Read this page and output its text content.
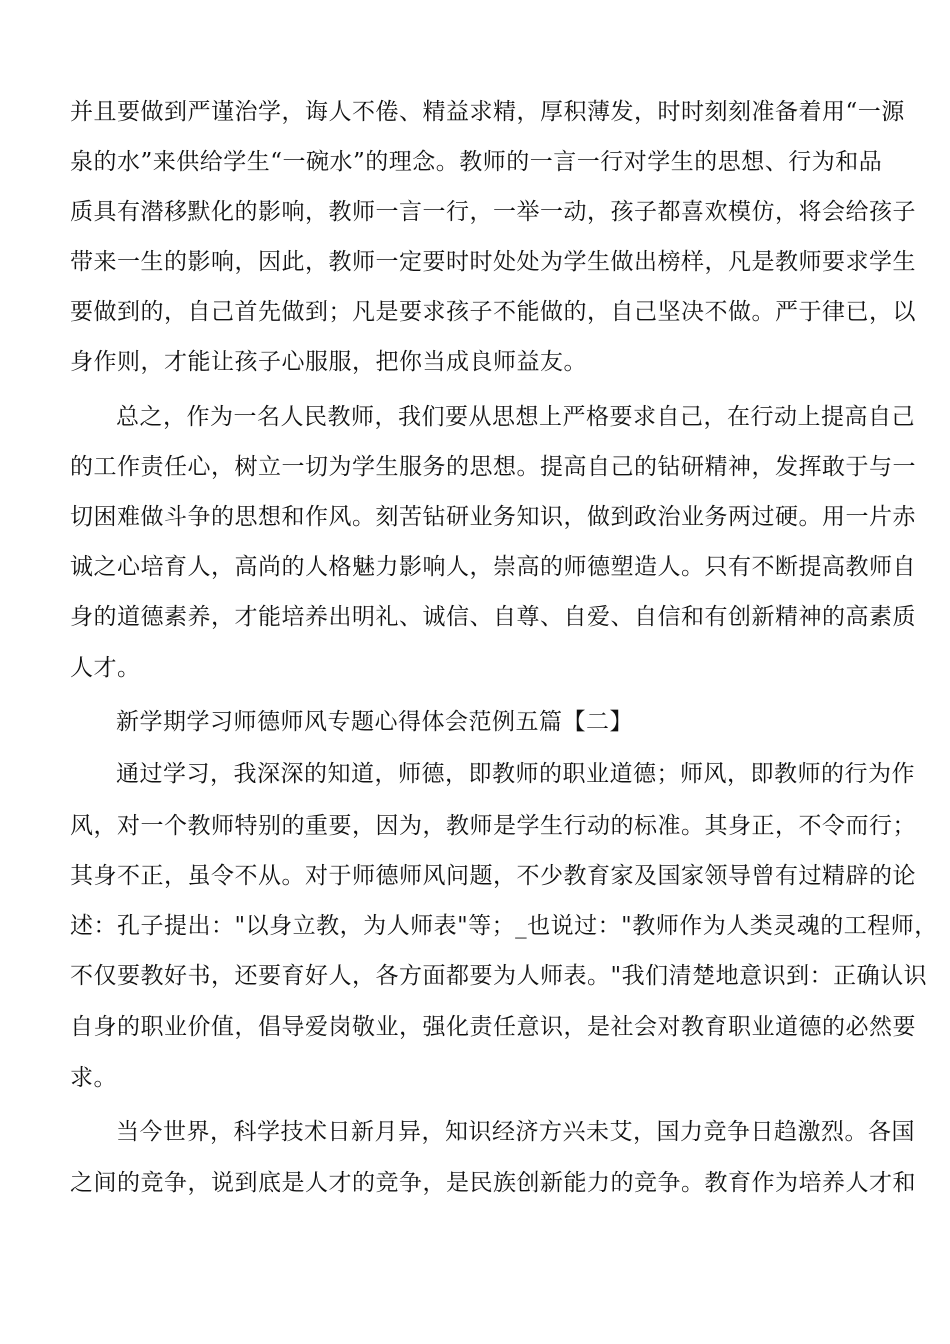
并且要做到严谨治学，诲人不倦、精益求精，厚积薄发，时时刻刻准备着用“一源
泉的水”来供给学生“一碗水”的理念。教师的一言一行对学生的思想、行为和品
质具有潜移默化的影响，教师一言一行，一举一动，孩子都喜欢模仿，将会给孩子
带来一生的影响，因此，教师一定要时时处处为学生做出榜样，凡是教师要求学生
要做到的，自己首先做到；凡是要求孩子不能做的，自己坚决不做。严于律已，以
身作则，才能让孩子心服服，把你当成良师益友。
总之，作为一名人民教师，我们要从思想上严格要求自己，在行动上提高自己
的工作责任心，树立一切为学生服务的思想。提高自己的钻研精神，发挥敢于与一
切困难做斗争的思想和作风。刻苦钻研业务知识，做到政治业务两过硬。用一片赤
诚之心培育人，高尚的人格魅力影响人，崇高的师德塑造人。只有不断提高教师自
身的道德素养，才能培养出明礼、诚信、自尊、自爱、自信和有创新精神的高素质
人才。
新学期学习师德师风专题心得体会范例五篇【二】
通过学习，我深深的知道，师德，即教师的职业道德；师风，即教师的行为作
风，对一个教师特别的重要，因为，教师是学生行动的标准。其身正，不令而行；
其身不正，虽令不从。对于师德师风问题，不少教育家及国家领导曾有过精辟的论
述：孔子提出："以身立教，为人师表"等；_也说过："教师作为人类灵魂的工程师，
不仅要教好书，还要育好人，各方面都要为人师表。"我们清楚地意识到：正确认识
自身的职业价值，倡导爱岗敬业，强化责任意识，是社会对教育职业道德的必然要
求。
当今世界，科学技术日新月异，知识经济方兴未艾，国力竞争日趋激烈。各国
之间的竞争，说到底是人才的竞争，是民族创新能力的竞争。教育作为培养人才和
